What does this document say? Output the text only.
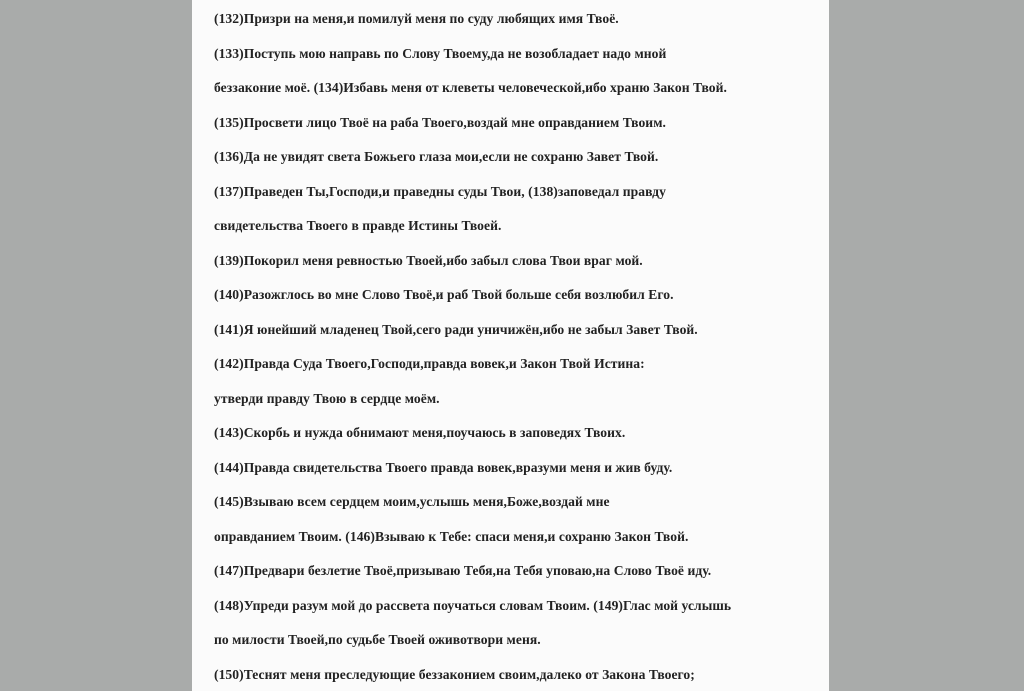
(132)Призри на меня,и помилуй меня по суду любящих имя Твоё.
(133)Поступь мою направь по Слову Твоему,да не возобладает надо мной
беззаконие моё. (134)Избавь меня от клеветы человеческой,ибо храню Закон Твой.
(135)Просвети лицо Твоё на раба Твоего,воздай мне оправданием Твоим.
(136)Да не увидят света Божьего глаза мои,если не сохраню Завет Твой.
(137)Праведен Ты,Господи,и праведны суды Твои, (138)заповедал правду
свидетельства Твоего в правде Истины Твоей.
(139)Покорил меня ревностью Твоей,ибо забыл слова Твои враг мой.
(140)Разожглось во мне Слово Твоё,и раб Твой больше себя возлюбил Его.
(141)Я юнейший младенец Твой,сего ради уничижён,ибо не забыл Завет Твой.
(142)Правда Суда Твоего,Господи,правда вовек,и Закон Твой Истина:
утверди правду Твою в сердце моём.
(143)Скорбь и нужда обнимают меня,поучаюсь в заповедях Твоих.
(144)Правда свидетельства Твоего правда вовек,вразуми меня и жив буду.
(145)Взываю всем сердцем моим,услышь меня,Боже,воздай мне
оправданием Твоим. (146)Взываю к Тебе: спаси меня,и сохраню Закон Твой.
(147)Предвари безлетие Твоё,призываю Тебя,на Тебя уповаю,на Слово Твоё иду.
(148)Упреди разум мой до рассвета поучаться словам Твоим. (149)Глас мой услышь
по милости Твоей,по судьбе Твоей оживотвори меня.
(150)Теснят меня преследующие беззаконием своим,далеко от Закона Твоего;
